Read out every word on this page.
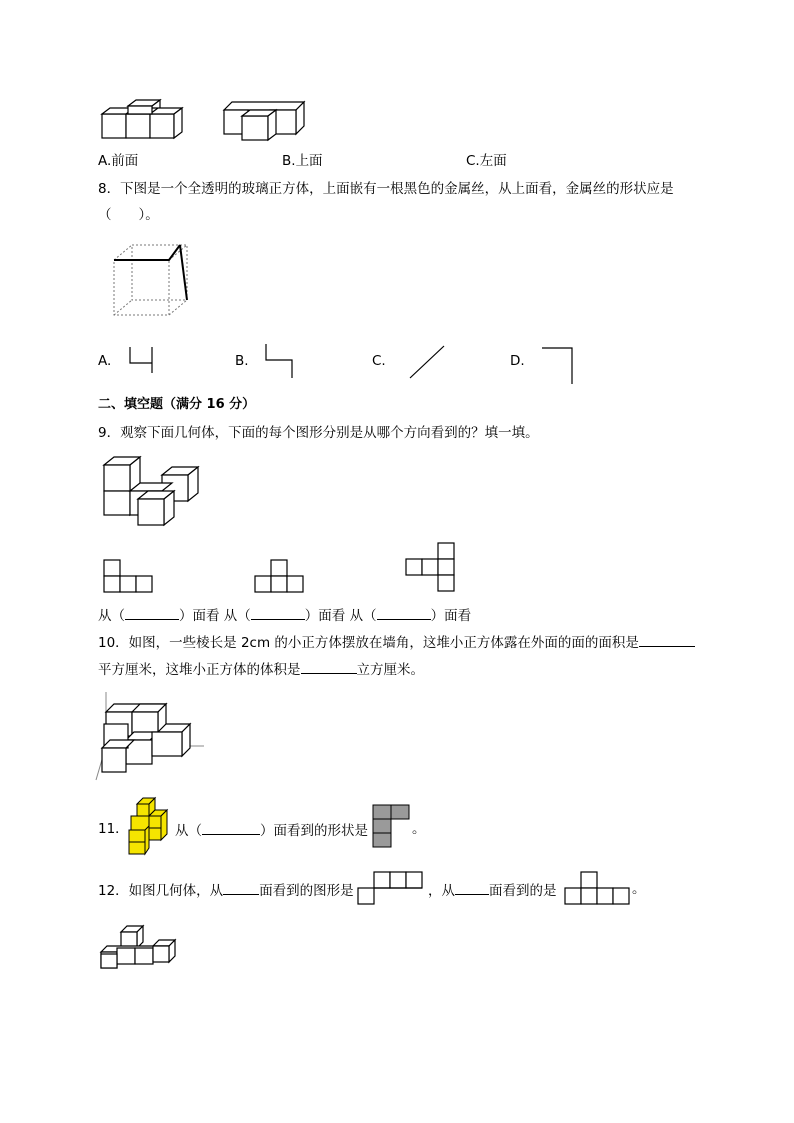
A.前面	B.上面	C.左面
8．下图是一个全透明的玻璃正方体，上面嵌有一根黑色的金属丝，从上面看，金属丝的形状应是
（　　）。
A.	B.	C.	D.
二、填空题（满分 16 分）
9．观察下面几何体，下面的每个图形分别是从哪个方向看到的？填一填。
从（	）面看 从（	）面看 从（	）面看
10．如图，一些棱长是 2cm 的小正方体摆放在墙角，这堆小正方体露在外面的面的面积是
平方厘米，这堆小正方体的体积是	立方厘米。
11．	从（	）面看到的形状是	。
12．如图几何体，从	面看到的图形是	，从	面看到的是	。
